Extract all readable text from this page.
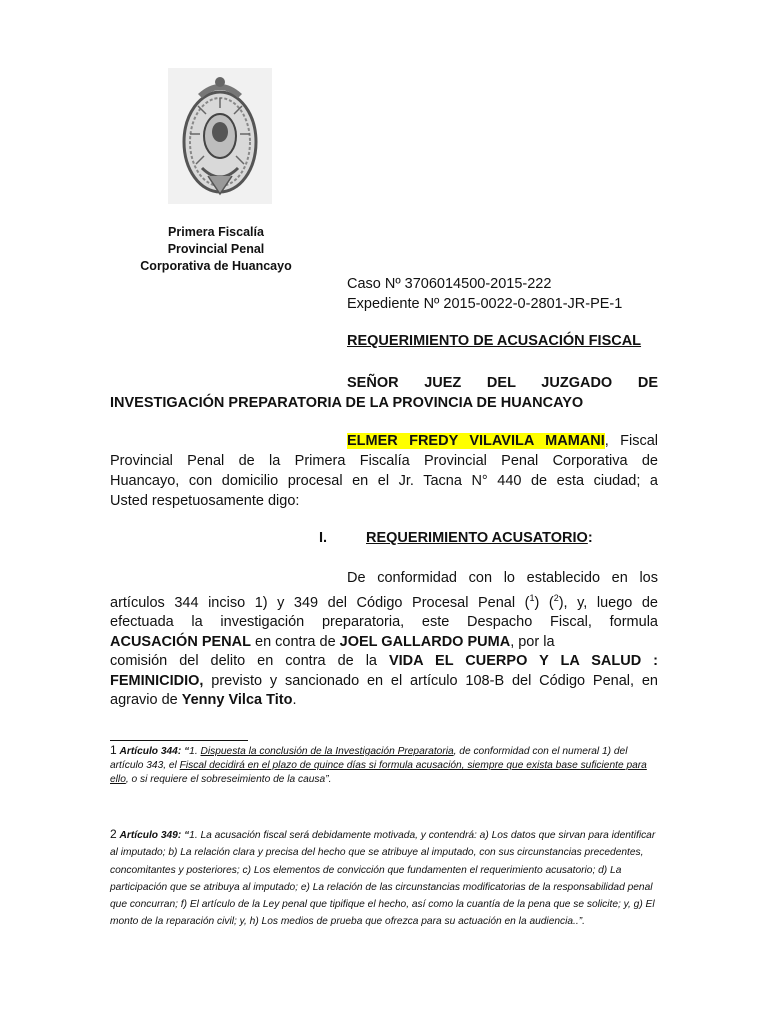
Primera Fiscalía
Provincial Penal
Corporativa de Huancayo
Caso Nº 3706014500-2015-222
Expediente Nº 2015-0022-0-2801-JR-PE-1
REQUERIMIENTO DE ACUSACIÓN FISCAL
SEÑOR JUEZ DEL JUZGADO DE
INVESTIGACIÓN PREPARATORIA DE LA PROVINCIA DE HUANCAYO
ELMER FREDY VILAVILA MAMANI, Fiscal
Provincial Penal de la Primera Fiscalía Provincial Penal Corporativa de
Huancayo, con domicilio procesal en el Jr. Tacna N° 440 de esta ciudad; a
Usted respetuosamente digo:
I.	REQUERIMIENTO ACUSATORIO:
De conformidad con lo establecido en los
artículos 344 inciso 1) y 349 del Código Procesal Penal ($^1$) ($^2$), y, luego de
efectuada la investigación preparatoria, este Despacho Fiscal, formula
ACUSACIÓN PENAL en contra de JOEL GALLARDO PUMA, por la
comisión del delito en contra de la VIDA EL CUERPO Y LA SALUD :
FEMINICIDIO, previsto y sancionado en el artículo 108-B del Código Penal, en
agravio de Yenny Vilca Tito.
1 Artículo 344: “1. Dispuesta la conclusión de la Investigación Preparatoria, de conformidad con el numeral 1) del artículo 343, el Fiscal decidirá en el plazo de quince días si formula acusación, siempre que exista base suficiente para ello, o si requiere el sobreseimiento de la causa”.
2 Artículo 349: “1. La acusación fiscal será debidamente motivada, y contendrá: a) Los datos que sirvan para identificar al imputado; b) La relación clara y precisa del hecho que se atribuye al imputado, con sus circunstancias precedentes, concomitantes y posteriores; c) Los elementos de convicción que fundamenten el requerimiento acusatorio; d) La participación que se atribuya al imputado; e) La relación de las circunstancias modificatorias de la responsabilidad penal que concurran; f) El artículo de la Ley penal que tipifique el hecho, así como la cuantía de la pena que se solicite; y, g) El monto de la reparación civil; y, h) Los medios de prueba que ofrezca para su actuación en la audiencia..”.
